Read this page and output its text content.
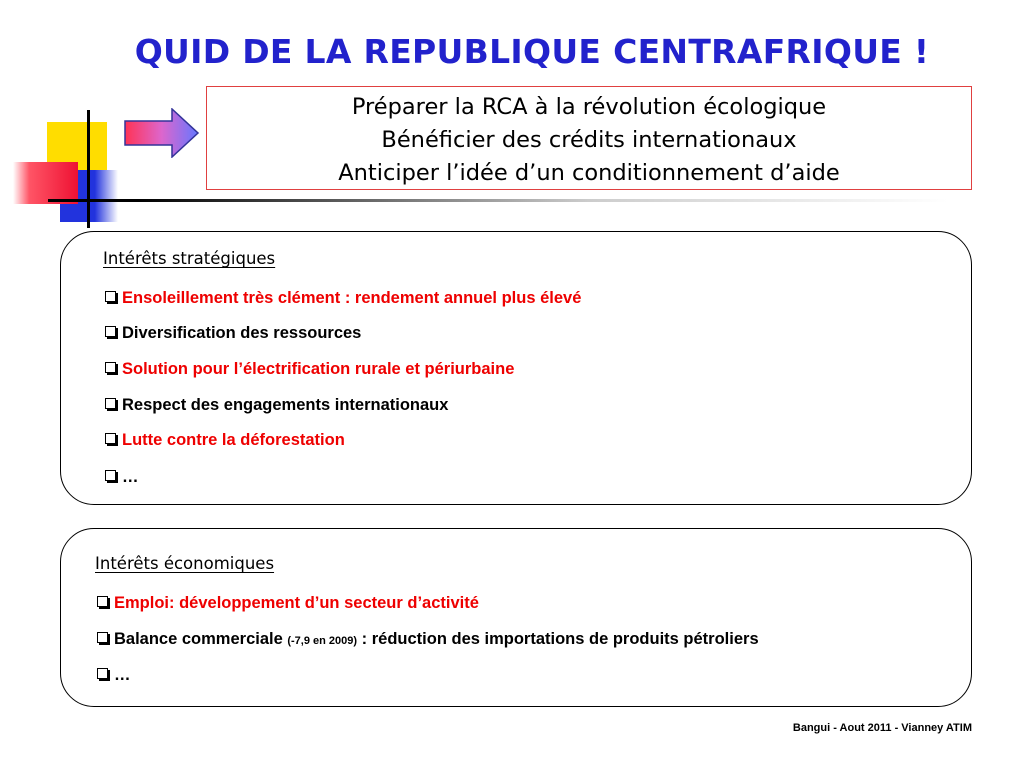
QUID DE LA REPUBLIQUE CENTRAFRIQUE !
Préparer la RCA à la révolution écologique
Bénéficier des crédits internationaux
Anticiper l’idée d’un conditionnement d’aide
Intérêts stratégiques
Ensoleillement très clément : rendement annuel plus élevé
Diversification des ressources
Solution pour l’électrification rurale et périurbaine
Respect des engagements internationaux
Lutte contre la déforestation
…
Intérêts économiques
Emploi: développement d’un secteur d’activité
Balance commerciale (-7,9 en 2009) : réduction des importations de produits pétroliers
…
Bangui - Aout 2011 - Vianney ATIM
